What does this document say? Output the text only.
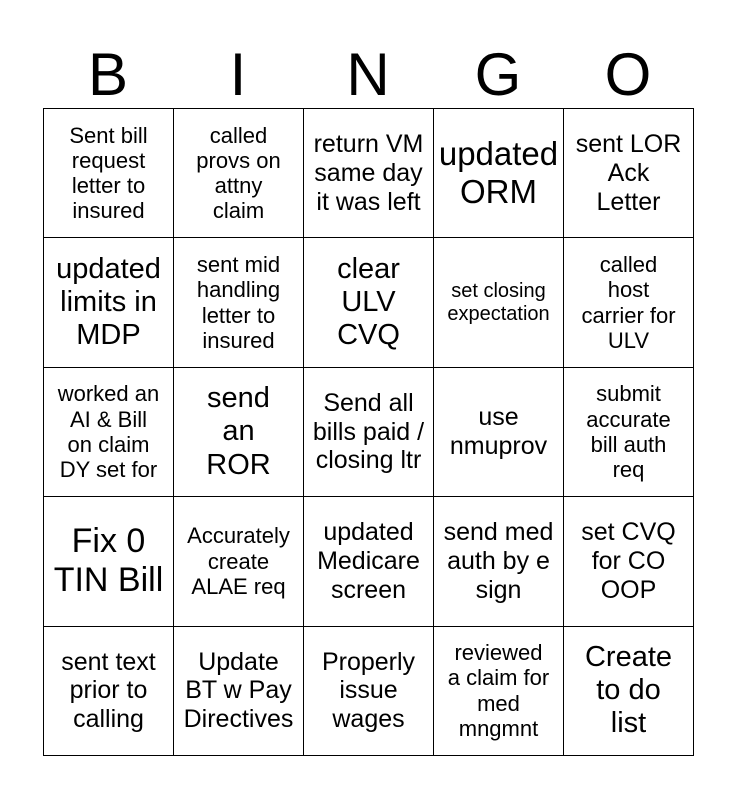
B	I	N	G	O
Sent bill
request
letter to
insured	called
provs on
attny
claim	return VM
same day
it was left	updated
ORM	sent LOR
Ack
Letter

updated
limits in
MDP	sent mid
handling
letter to
insured	clear
ULV
CVQ	set closing
expectation	called
host
carrier for
ULV

worked an
AI & Bill
on claim
DY set for	send
an
ROR	Send all
bills paid /
closing ltr	use
nmuprov	submit
accurate
bill auth
req

Fix 0
TIN Bill	Accurately
create
ALAE req	updated
Medicare
screen	send med
auth by e
sign	set CVQ
for CO
OOP

sent text
prior to
calling	Update
BT w Pay
Directives	Properly
issue
wages	reviewed
a claim for
med
mngmnt	Create
to do
list
